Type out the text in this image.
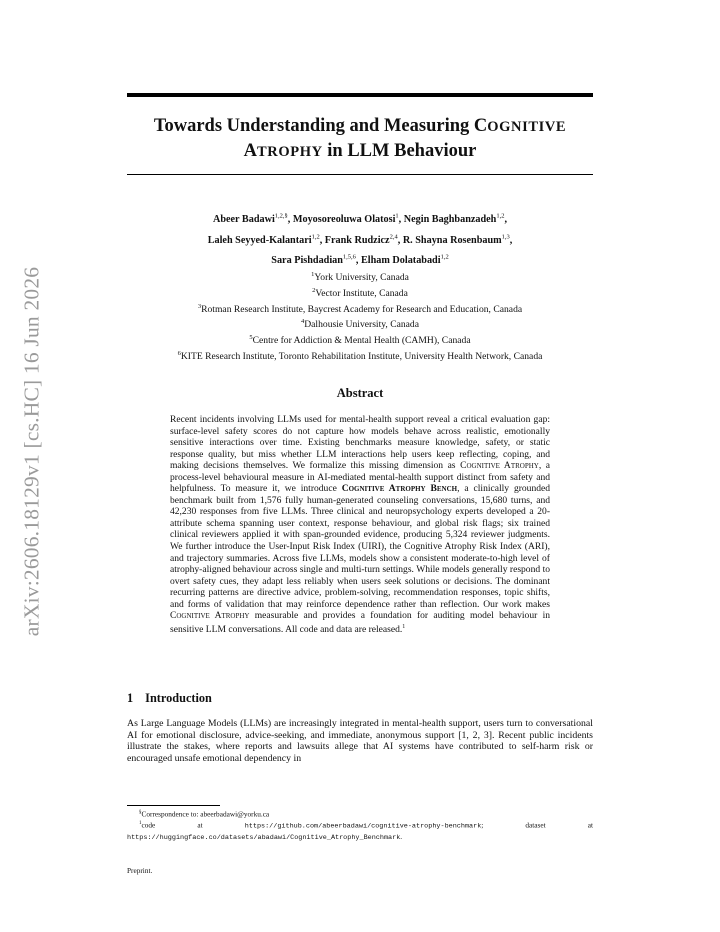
arXiv:2606.18129v1 [cs.HC] 16 Jun 2026
Towards Understanding and Measuring COGNITIVE
ATROPHY in LLM Behaviour
Abeer Badawi$^{1,2,\S}$, Moyosoreoluwa Olatosi$^1$, Negin Baghbanzadeh$^{1,2}$,
Laleh Seyyed-Kalantari$^{1,2}$, Frank Rudzicz$^{2,4}$, R. Shayna Rosenbaum$^{1,3}$,
Sara Pishdadian$^{1,5,6}$, Elham Dolatabadi$^{1,2}$
$^1$York University, Canada
$^2$Vector Institute, Canada
$^3$Rotman Research Institute, Baycrest Academy for Research and Education, Canada
$^4$Dalhousie University, Canada
$^5$Centre for Addiction & Mental Health (CAMH), Canada
$^6$KITE Research Institute, Toronto Rehabilitation Institute, University Health Network, Canada
Abstract
Recent incidents involving LLMs used for mental-health support reveal a critical evaluation gap: surface-level safety scores do not capture how models behave across realistic, emotionally sensitive interactions over time. Existing benchmarks measure knowledge, safety, or static response quality, but miss whether LLM interactions help users keep reflecting, coping, and making decisions themselves. We formalize this missing dimension as Cognitive Atrophy, a process-level behavioural measure in AI-mediated mental-health support distinct from safety and helpfulness. To measure it, we introduce Cognitive Atrophy Bench, a clinically grounded benchmark built from 1,576 fully human-generated counseling conversations, 15,680 turns, and 42,230 responses from five LLMs. Three clinical and neuropsychology experts developed a 20-attribute schema spanning user context, response behaviour, and global risk flags; six trained clinical reviewers applied it with span-grounded evidence, producing 5,324 reviewer judgments. We further introduce the User-Input Risk Index (UIRI), the Cognitive Atrophy Risk Index (ARI), and trajectory summaries. Across five LLMs, models show a consistent moderate-to-high level of atrophy-aligned behaviour across single and multi-turn settings. While models generally respond to overt safety cues, they adapt less reliably when users seek solutions or decisions. The dominant recurring patterns are directive advice, problem-solving, recommendation responses, topic shifts, and forms of validation that may reinforce dependence rather than reflection. Our work makes Cognitive Atrophy measurable and provides a foundation for auditing model behaviour in sensitive LLM conversations. All code and data are released.$^1$
1 Introduction
As Large Language Models (LLMs) are increasingly integrated in mental-health support, users turn to conversational AI for emotional disclosure, advice-seeking, and immediate, anonymous support [1, 2, 3]. Recent public incidents illustrate the stakes, where reports and lawsuits allege that AI systems have contributed to self-harm risk or encouraged unsafe emotional dependency in
§Correspondence to: abeerbadawi@yorku.ca
$^1$code at https://github.com/abeerbadawi/cognitive-atrophy-benchmark; dataset at https://huggingface.co/datasets/abadawi/Cognitive_Atrophy_Benchmark.
Preprint.
